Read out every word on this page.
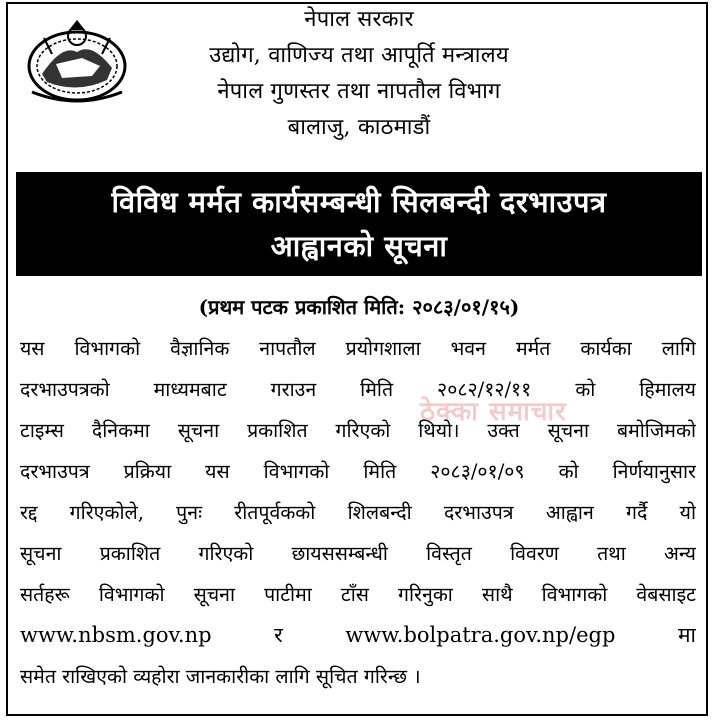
नेपाल सरकार
उद्योग, वाणिज्य तथा आपूर्ति मन्त्रालय
नेपाल गुणस्तर तथा नापतौल विभाग
बालाजु, काठमाडौं
विविध मर्मत कार्यसम्बन्धी सिलबन्दी दरभाउपत्र
आह्वानको सूचना
(प्रथम पटक प्रकाशित मिति: २०८३/०१/१५)
ठेक्का समाचार
यस विभागको वैज्ञानिक नापतौल प्रयोगशाला भवन मर्मत कार्यका लागि
दरभाउपत्रको माध्यमबाट गराउन मिति २०८२/१२/११ को हिमालय
टाइम्स दैनिकमा सूचना प्रकाशित गरिएको थियो। उक्त सूचना बमोजिमको
दरभाउपत्र प्रक्रिया यस विभागको मिति २०८३/०१/०९ को निर्णयानुसार
रद्द गरिएकोले, पुनः रीतपूर्वकको शिलबन्दी दरभाउपत्र आह्वान गर्दै यो
सूचना प्रकाशित गरिएको छायससम्बन्धी विस्तृत विवरण तथा अन्य
सर्तहरू विभागको सूचना पाटीमा टाँस गरिनुका साथै विभागको वेबसाइट
www.nbsm.gov.np र www.bolpatra.gov.np/egp मा
समेत राखिएको व्यहोरा जानकारीका लागि सूचित गरिन्छ ।
